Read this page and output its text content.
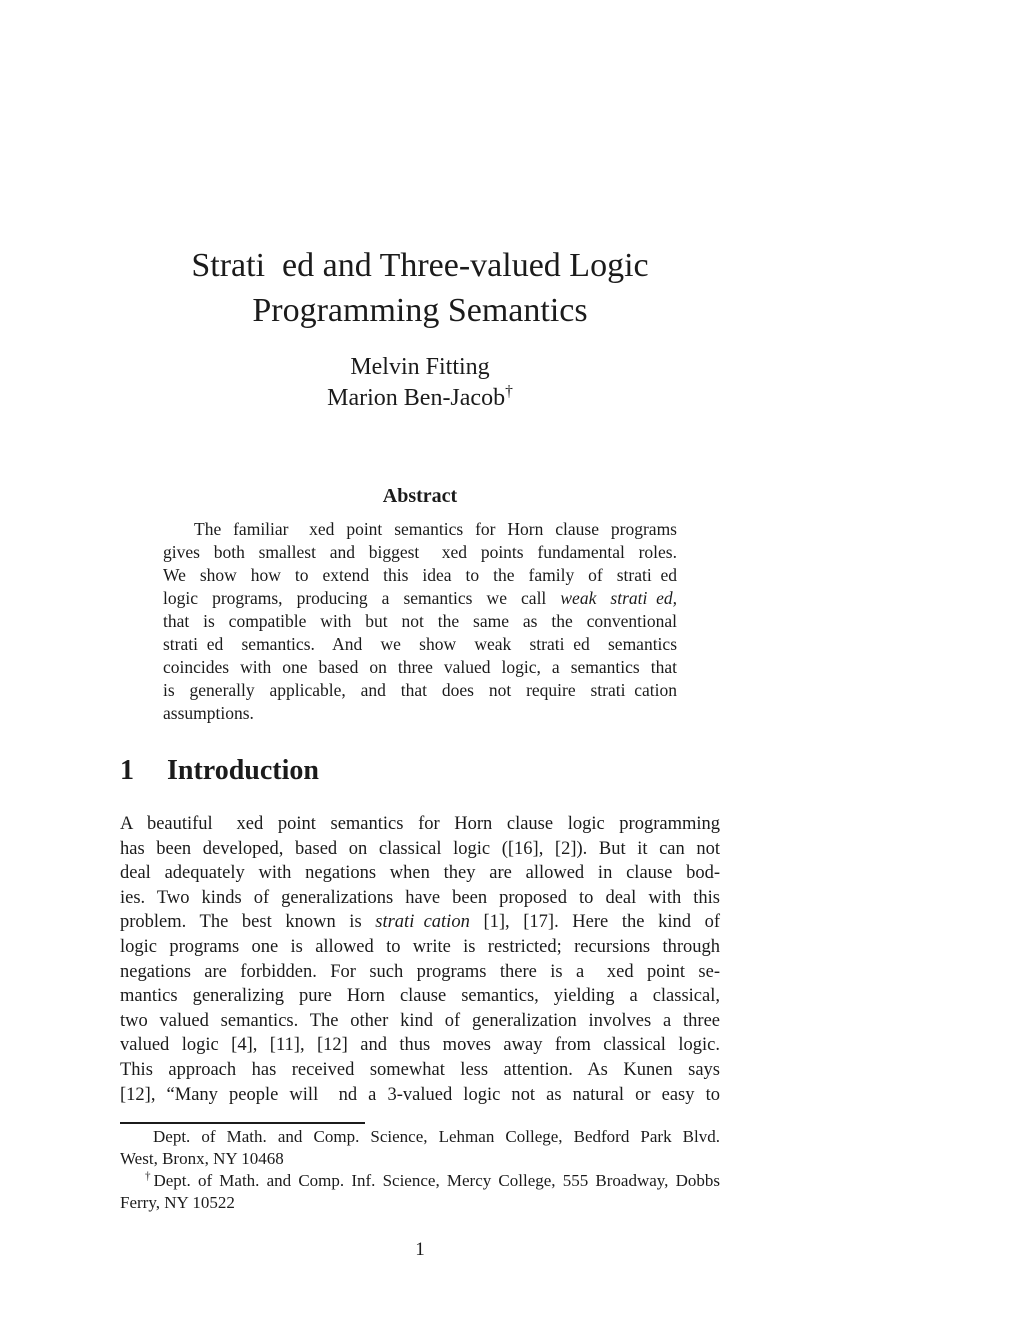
Strati ed and Three-valued Logic
Programming Semantics
Melvin Fitting
Marion Ben-Jacob†
Abstract
The familiar  xed point semantics for Horn clause programs
gives both smallest and biggest  xed points fundamental roles.
We show how to extend this idea to the family of strati ed
logic programs, producing a semantics we call weak strati ed,
that is compatible with but not the same as the conventional
strati ed semantics. And we show weak strati ed semantics
coincides with one based on three valued logic, a semantics that
is generally applicable, and that does not require strati cation
assumptions.
1 Introduction
A beautiful  xed point semantics for Horn clause logic programming
has been developed, based on classical logic ([16], [2]). But it can not
deal adequately with negations when they are allowed in clause bod-
ies. Two kinds of generalizations have been proposed to deal with this
problem. The best known is strati cation [1], [17]. Here the kind of
logic programs one is allowed to write is restricted; recursions through
negations are forbidden. For such programs there is a  xed point se-
mantics generalizing pure Horn clause semantics, yielding a classical,
two valued semantics. The other kind of generalization involves a three
valued logic [4], [11], [12] and thus moves away from classical logic.
This approach has received somewhat less attention. As Kunen says
[12], “Many people will  nd a 3-valued logic not as natural or easy to
Dept. of Math. and Comp. Science, Lehman College, Bedford Park Blvd.
West, Bronx, NY 10468
†Dept. of Math. and Comp. Inf. Science, Mercy College, 555 Broadway, Dobbs
Ferry, NY 10522
1
